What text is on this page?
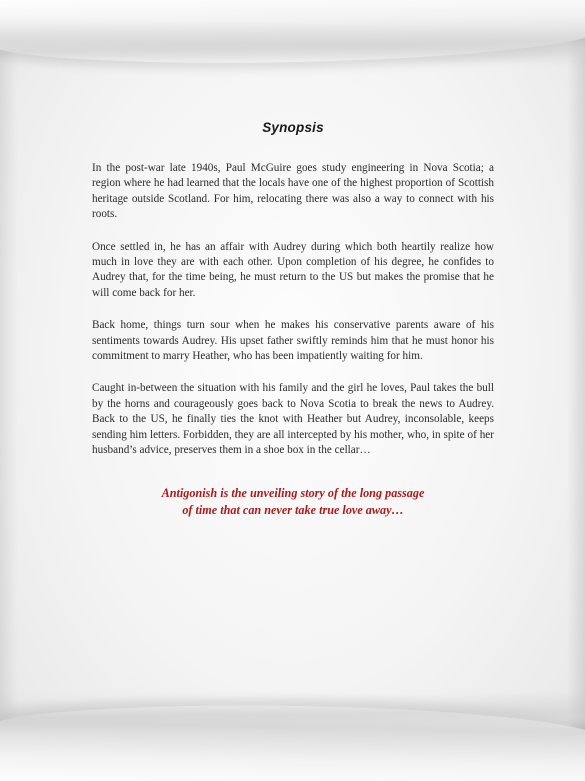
Synopsis

In the post-war late 1940s, Paul McGuire goes study engineering in Nova Scotia; a region where he had learned that the locals have one of the highest proportion of Scottish heritage outside Scotland. For him, relocating there was also a way to connect with his roots.

Once settled in, he has an affair with Audrey during which both heartily realize how much in love they are with each other. Upon completion of his degree, he confides to Audrey that, for the time being, he must return to the US but makes the promise that he will come back for her.

Back home, things turn sour when he makes his conservative parents aware of his sentiments towards Audrey. His upset father swiftly reminds him that he must honor his commitment to marry Heather, who has been impatiently waiting for him.

Caught in-between the situation with his family and the girl he loves, Paul takes the bull by the horns and courageously goes back to Nova Scotia to break the news to Audrey. Back to the US, he finally ties the knot with Heather but Audrey, inconsolable, keeps sending him letters. Forbidden, they are all intercepted by his mother, who, in spite of her husband’s advice, preserves them in a shoe box in the cellar…

Antigonish is the unveiling story of the long passage
of time that can never take true love away…
